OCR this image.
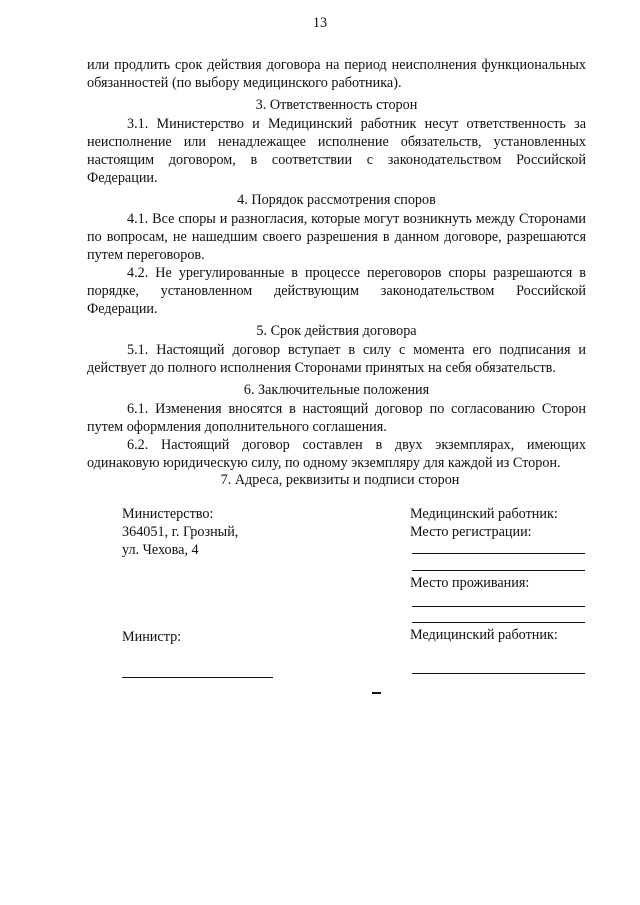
13

или продлить срок действия договора на период неисполнения функциональных обязанностей (по выбору медицинского работника).

3. Ответственность сторон

3.1. Министерство и Медицинский работник несут ответственность за неисполнение или ненадлежащее исполнение обязательств, установленных настоящим договором, в соответствии с законодательством Российской Федерации.

4. Порядок рассмотрения споров

4.1. Все споры и разногласия, которые могут возникнуть между Сторонами по вопросам, не нашедшим своего разрешения в данном договоре, разрешаются путем переговоров.

4.2. Не урегулированные в процессе переговоров споры разрешаются в порядке, установленном действующим законодательством Российской Федерации.

5. Срок действия договора

5.1. Настоящий договор вступает в силу с момента его подписания и действует до полного исполнения Сторонами принятых на себя обязательств.

6. Заключительные положения

6.1. Изменения вносятся в настоящий договор по согласованию Сторон путем оформления дополнительного соглашения.

6.2. Настоящий договор составлен в двух экземплярах, имеющих одинаковую юридическую силу, по одному экземпляру для каждой из Сторон.

7. Адреса, реквизиты и подписи сторон
Министерство:
364051, г. Грозный,
ул. Чехова, 4
Медицинский работник:
Место регистрации:
Место проживания:
Министр:	Медицинский работник:
